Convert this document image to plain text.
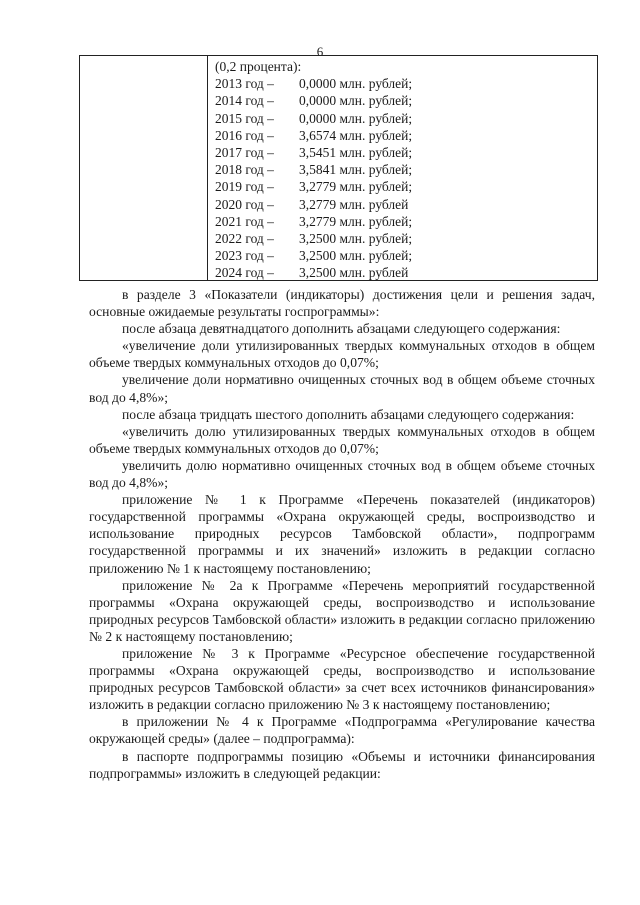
6
(0,2 процента):
2013 год – 0,0000 млн. рублей;
2014 год – 0,0000 млн. рублей;
2015 год – 0,0000 млн. рублей;
2016 год – 3,6574 млн. рублей;
2017 год – 3,5451 млн. рублей;
2018 год – 3,5841 млн. рублей;
2019 год – 3,2779 млн. рублей;
2020 год – 3,2779 млн. рублей
2021 год – 3,2779 млн. рублей;
2022 год – 3,2500 млн. рублей;
2023 год – 3,2500 млн. рублей;
2024 год – 3,2500 млн. рублей

в разделе 3 «Показатели (индикаторы) достижения цели и решения задач, основные ожидаемые результаты госпрограммы»:

после абзаца девятнадцатого дополнить абзацами следующего содержания:

«увеличение доли утилизированных твердых коммунальных отходов в общем объеме твердых коммунальных отходов до 0,07%;

увеличение доли нормативно очищенных сточных вод в общем объеме сточных вод до 4,8%»;

после абзаца тридцать шестого дополнить абзацами следующего содержания:

«увеличить долю утилизированных твердых коммунальных отходов в общем объеме твердых коммунальных отходов до 0,07%;

увеличить долю нормативно очищенных сточных вод в общем объеме сточных вод до 4,8%»;

приложение № 1 к Программе «Перечень показателей (индикаторов) государственной программы «Охрана окружающей среды, воспроизводство и использование природных ресурсов Тамбовской области», подпрограмм государственной программы и их значений» изложить в редакции согласно приложению № 1 к настоящему постановлению;

приложение № 2а к Программе «Перечень мероприятий государственной программы «Охрана окружающей среды, воспроизводство и использование природных ресурсов Тамбовской области» изложить в редакции согласно приложению № 2 к настоящему постановлению;

приложение № 3 к Программе «Ресурсное обеспечение государственной программы «Охрана окружающей среды, воспроизводство и использование природных ресурсов Тамбовской области» за счет всех источников финансирования» изложить в редакции согласно приложению № 3 к настоящему постановлению;

в приложении № 4 к Программе «Подпрограмма «Регулирование качества окружающей среды» (далее – подпрограмма):

в паспорте подпрограммы позицию «Объемы и источники финансирования подпрограммы» изложить в следующей редакции:
